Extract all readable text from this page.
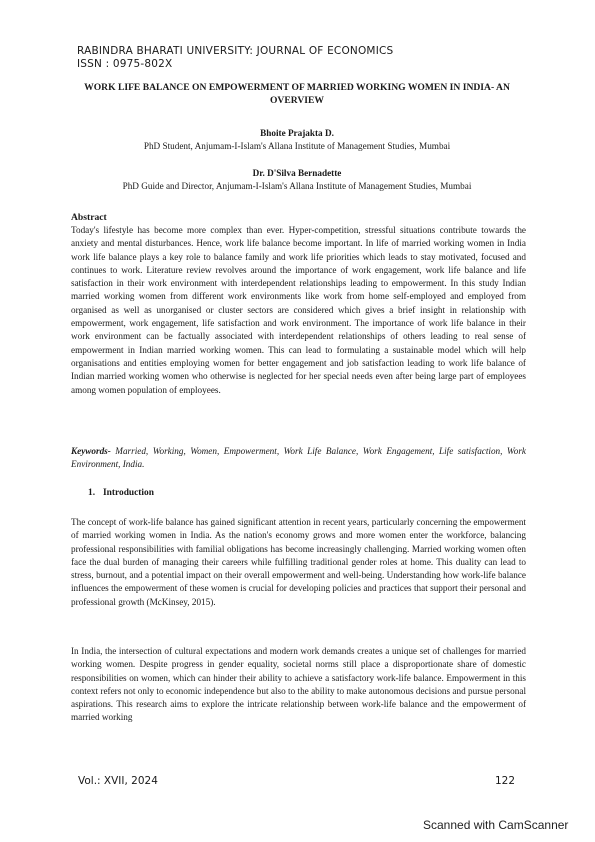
RABINDRA BHARATI UNIVERSITY: JOURNAL OF ECONOMICS
ISSN : 0975-802X
WORK LIFE BALANCE ON EMPOWERMENT OF MARRIED WORKING WOMEN IN INDIA- AN OVERVIEW
Bhoite Prajakta D.
PhD Student, Anjumam-I-Islam's Allana Institute of Management Studies, Mumbai
Dr. D'Silva Bernadette
PhD Guide and Director, Anjumam-I-Islam's Allana Institute of Management Studies, Mumbai
Abstract
Today's lifestyle has become more complex than ever. Hyper-competition, stressful situations contribute towards the anxiety and mental disturbances. Hence, work life balance become important. In life of married working women in India work life balance plays a key role to balance family and work life priorities which leads to stay motivated, focused and continues to work. Literature review revolves around the importance of work engagement, work life balance and life satisfaction in their work environment with interdependent relationships leading to empowerment. In this study Indian married working women from different work environments like work from home self-employed and employed from organised as well as unorganised or cluster sectors are considered which gives a brief insight in relationship with empowerment, work engagement, life satisfaction and work environment. The importance of work life balance in their work environment can be factually associated with interdependent relationships of others leading to real sense of empowerment in Indian married working women. This can lead to formulating a sustainable model which will help organisations and entities employing women for better engagement and job satisfaction leading to work life balance of Indian married working women who otherwise is neglected for her special needs even after being large part of employees among women population of employees.
Keywords- Married, Working, Women, Empowerment, Work Life Balance, Work Engagement, Life satisfaction, Work Environment, India.
1. Introduction
The concept of work-life balance has gained significant attention in recent years, particularly concerning the empowerment of married working women in India. As the nation's economy grows and more women enter the workforce, balancing professional responsibilities with familial obligations has become increasingly challenging. Married working women often face the dual burden of managing their careers while fulfilling traditional gender roles at home. This duality can lead to stress, burnout, and a potential impact on their overall empowerment and well-being. Understanding how work-life balance influences the empowerment of these women is crucial for developing policies and practices that support their personal and professional growth (McKinsey, 2015).
In India, the intersection of cultural expectations and modern work demands creates a unique set of challenges for married working women. Despite progress in gender equality, societal norms still place a disproportionate share of domestic responsibilities on women, which can hinder their ability to achieve a satisfactory work-life balance. Empowerment in this context refers not only to economic independence but also to the ability to make autonomous decisions and pursue personal aspirations. This research aims to explore the intricate relationship between work-life balance and the empowerment of married working
Vol.: XVII, 2024	122
Scanned with CamScanner
